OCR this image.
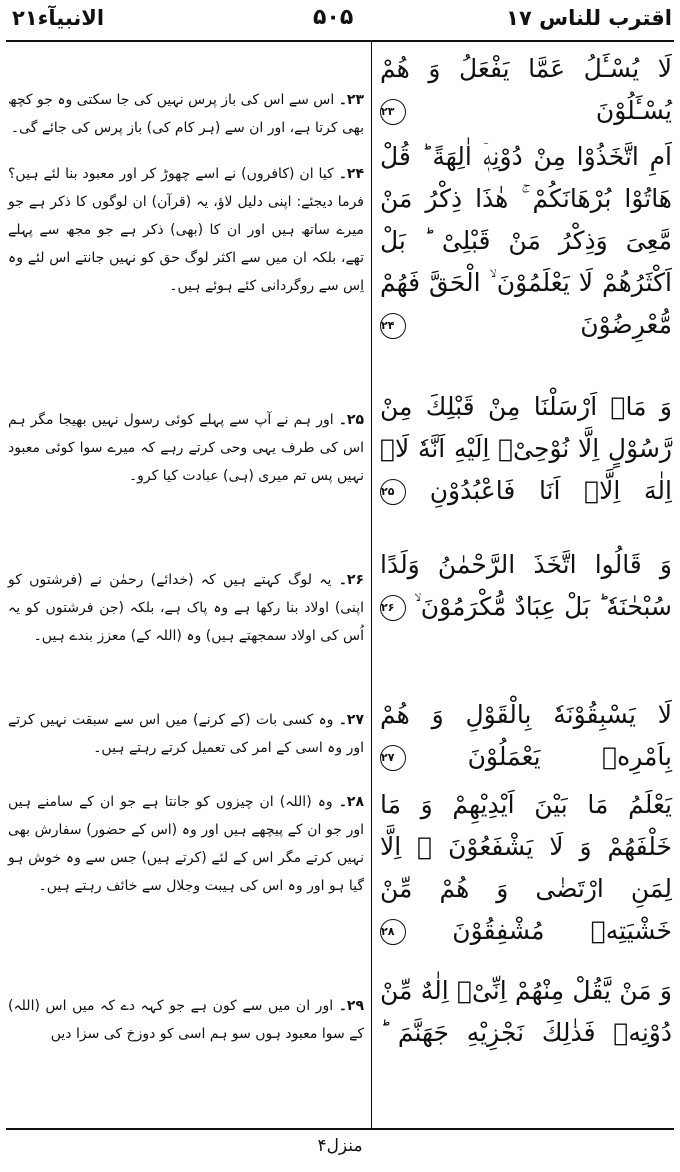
اقترب للناس ۱۷
۵۰۵
الانبیآء۲۱
لَا يُسْـَٔلُ عَمَّا يَفْعَلُ وَ هُمْ يُسْـَٔلُوْنَ ۲۳
اَمِ اتَّخَذُوْا مِنْ دُوْنِهٖۤ اٰلِهَةً ؕ قُلْ هَاتُوْا بُرْهَانَكُمْ ۚ هٰذَا ذِكْرُ مَنْ مَّعِیَ وَذِكْرُ مَنْ قَبْلِیْ ؕ بَلْ اَكْثَرُهُمْ لَا يَعْلَمُوْنَ ۙ الْحَقَّ فَهُمْ مُّعْرِضُوْنَ ۲۴
وَ مَاۤ اَرْسَلْنَا مِنْ قَبْلِكَ مِنْ رَّسُوْلٍ اِلَّا نُوْحِیْۤ اِلَيْهِ اَنَّهٗ لَاۤ اِلٰهَ اِلَّاۤ اَنَا فَاعْبُدُوْنِ ۲۵
وَ قَالُوا اتَّخَذَ الرَّحْمٰنُ وَلَدًا سُبْحٰنَهٗ ؕ بَلْ عِبَادٌ مُّكْرَمُوْنَ ۙ ۲۶
لَا يَسْبِقُوْنَهٗ بِالْقَوْلِ وَ هُمْ بِاَمْرِهٖ يَعْمَلُوْنَ ۲۷
يَعْلَمُ مَا بَيْنَ اَيْدِيْهِمْ وَ مَا خَلْفَهُمْ وَ لَا يَشْفَعُوْنَ ۙ اِلَّا لِمَنِ ارْتَضٰى وَ هُمْ مِّنْ خَشْيَتِهٖ مُشْفِقُوْنَ ۲۸
وَ مَنْ يَّقُلْ مِنْهُمْ اِنِّیْۤ اِلٰهٌ مِّنْ دُوْنِهٖ فَذٰلِكَ نَجْزِيْهِ جَهَنَّمَ ؕ
۲۳۔ اس سے اس کی باز پرس نہیں کی جا سکتی وہ جو کچھ بھی کرتا ہے، اور ان سے (ہر کام کی) باز پرس کی جائے گی۔
۲۴۔ کیا ان (کافروں) نے اسے چھوڑ کر اور معبود بنا لئے ہیں؟ فرما دیجئے: اپنی دلیل لاؤ، یہ (قرآن) ان لوگوں کا ذکر ہے جو میرے ساتھ ہیں اور ان کا (بھی) ذکر ہے جو مجھ سے پہلے تھے، بلکہ ان میں سے اکثر لوگ حق کو نہیں جانتے اس لئے وہ اِس سے روگردانی کئے ہوئے ہیں۔
۲۵۔ اور ہم نے آپ سے پہلے کوئی رسول نہیں بھیجا مگر ہم اس کی طرف یہی وحی کرتے رہے کہ میرے سوا کوئی معبود نہیں پس تم میری (ہی) عبادت کیا کرو۔
۲۶۔ یہ لوگ کہتے ہیں کہ (خدائے) رحمٰن نے (فرشتوں کو اپنی) اولاد بنا رکھا ہے وہ پاک ہے، بلکہ (جن فرشتوں کو یہ اُس کی اولاد سمجھتے ہیں) وہ (اللہ کے) معزز بندے ہیں۔
۲۷۔ وہ کسی بات (کے کرنے) میں اس سے سبقت نہیں کرتے اور وہ اسی کے امر کی تعمیل کرتے رہتے ہیں۔
۲۸۔ وہ (اللہ) ان چیزوں کو جانتا ہے جو ان کے سامنے ہیں اور جو ان کے پیچھے ہیں اور وہ (اس کے حضور) سفارش بھی نہیں کرتے مگر اس کے لئے (کرتے ہیں) جس سے وہ خوش ہو گیا ہو اور وہ اس کی ہیبت وجلال سے خائف رہتے ہیں۔
۲۹۔ اور ان میں سے کون ہے جو کہہ دے کہ میں اس (اللہ) کے سوا معبود ہوں سو ہم اسی کو دوزخ کی سزا دیں
منزل۴
